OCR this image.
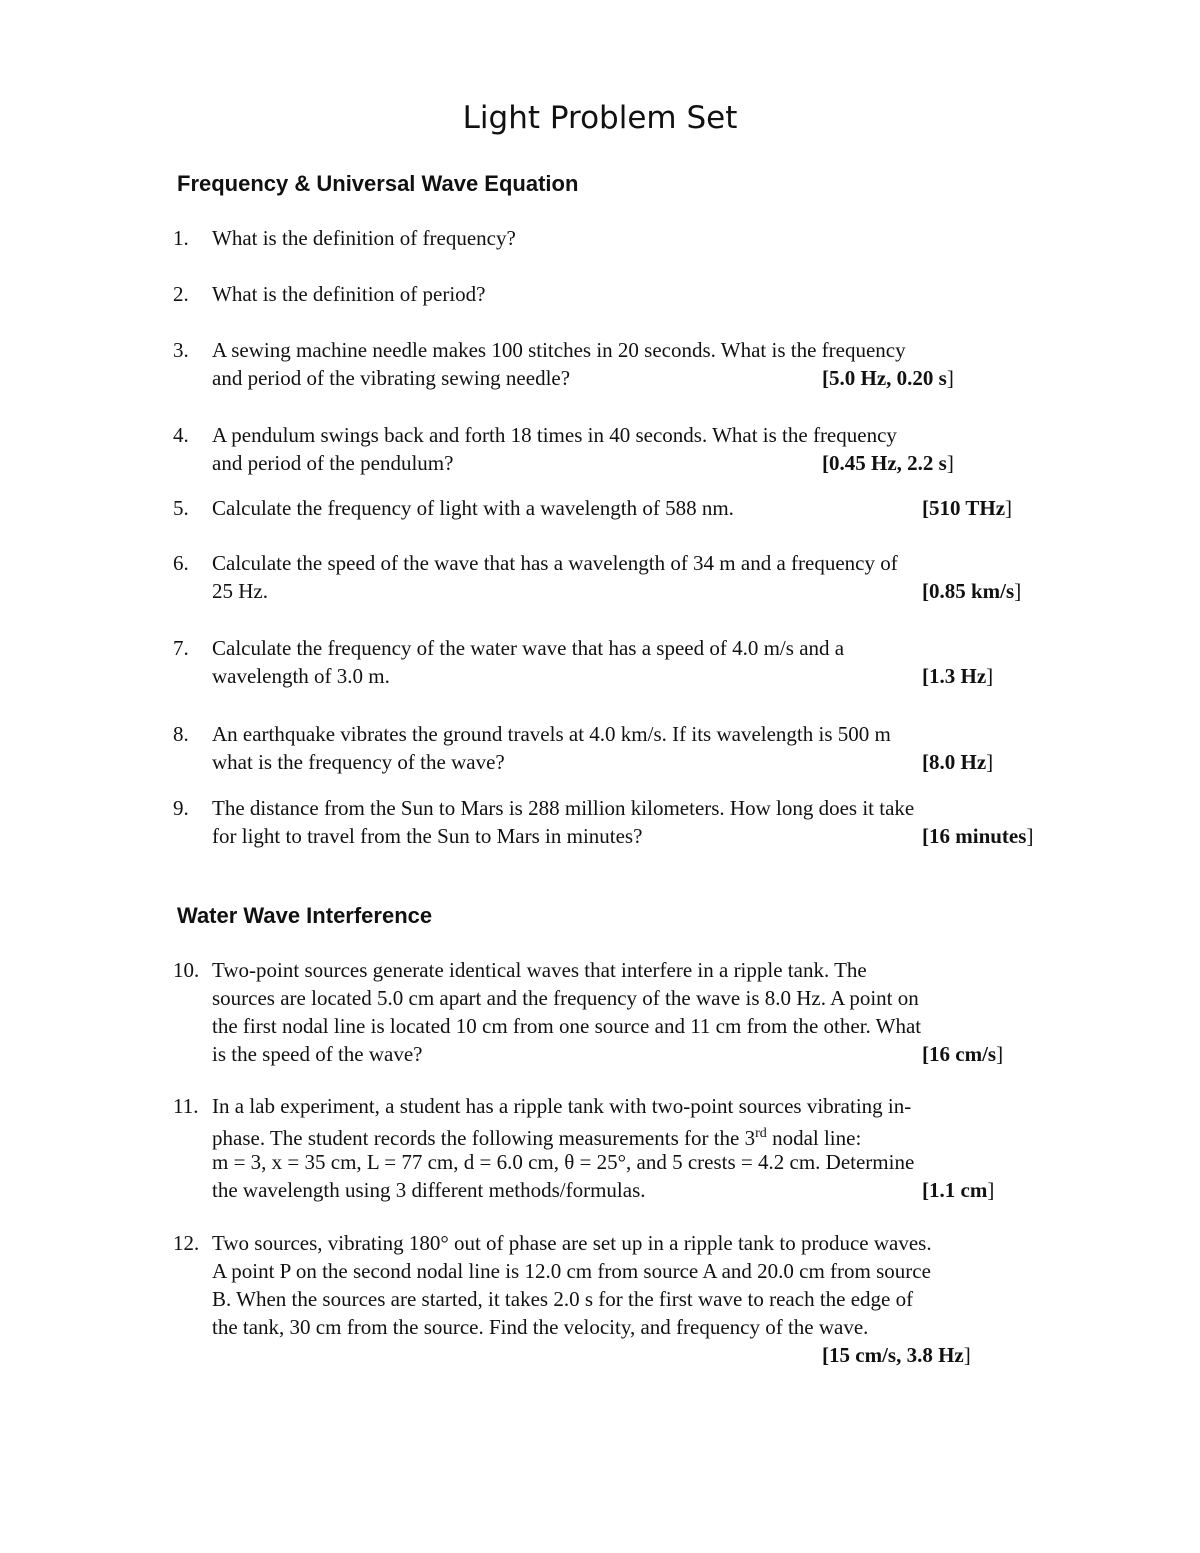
Light Problem Set
Frequency & Universal Wave Equation
Water Wave Interference
1. What is the definition of frequency?
2. What is the definition of period?
3. A sewing machine needle makes 100 stitches in 20 seconds. What is the frequency
and period of the vibrating sewing needle?	[5.0 Hz, 0.20 s]
4. A pendulum swings back and forth 18 times in 40 seconds. What is the frequency
and period of the pendulum?	[0.45 Hz, 2.2 s]
5. Calculate the frequency of light with a wavelength of 588 nm.	[510 THz]
6. Calculate the speed of the wave that has a wavelength of 34 m and a frequency of
25 Hz.	[0.85 km/s]
7. Calculate the frequency of the water wave that has a speed of 4.0 m/s and a
wavelength of 3.0 m.	[1.3 Hz]
8. An earthquake vibrates the ground travels at 4.0 km/s. If its wavelength is 500 m
what is the frequency of the wave?	[8.0 Hz]
9. The distance from the Sun to Mars is 288 million kilometers. How long does it take
for light to travel from the Sun to Mars in minutes?	[16 minutes]
10. Two-point sources generate identical waves that interfere in a ripple tank. The
sources are located 5.0 cm apart and the frequency of the wave is 8.0 Hz. A point on
the first nodal line is located 10 cm from one source and 11 cm from the other. What
is the speed of the wave?	[16 cm/s]
11. In a lab experiment, a student has a ripple tank with two-point sources vibrating in-
phase. The student records the following measurements for the 3rd nodal line:
m = 3, x = 35 cm, L = 77 cm, d = 6.0 cm, θ = 25°, and 5 crests = 4.2 cm. Determine
the wavelength using 3 different methods/formulas.	[1.1 cm]
12. Two sources, vibrating 180° out of phase are set up in a ripple tank to produce waves.
A point P on the second nodal line is 12.0 cm from source A and 20.0 cm from source
B. When the sources are started, it takes 2.0 s for the first wave to reach the edge of
the tank, 30 cm from the source. Find the velocity, and frequency of the wave.
[15 cm/s, 3.8 Hz]
